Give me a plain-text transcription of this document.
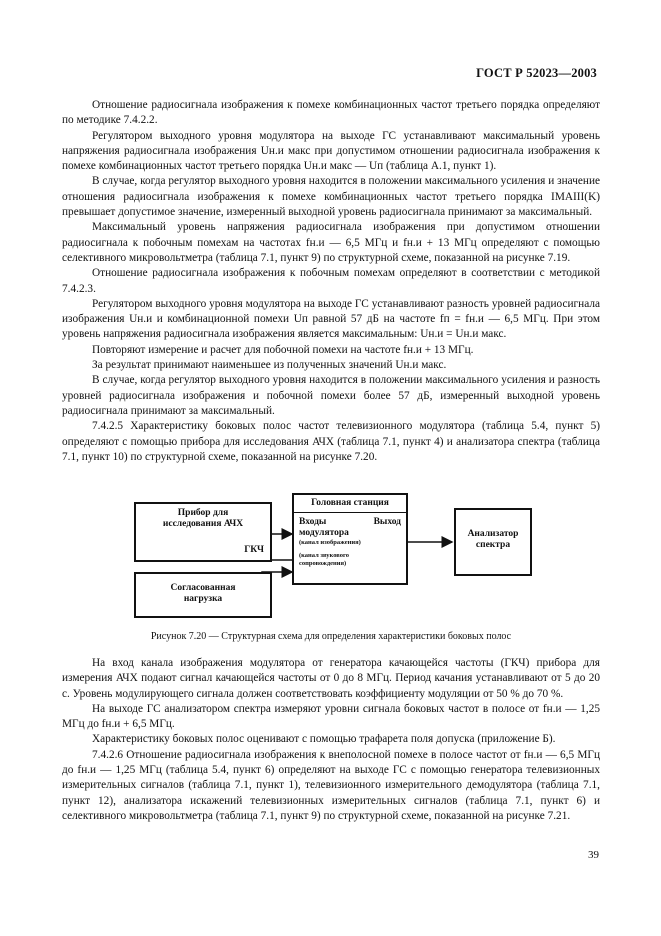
ГОСТ Р 52023—2003

Отношение радиосигнала изображения к помехе комбинационных частот третьего порядка определяют по методике 7.4.2.2.

Регулятором выходного уровня модулятора на выходе ГС устанавливают максимальный уровень напряжения радиосигнала изображения Uн.и макс при допустимом отношении радиосигнала изображения к помехе комбинационных частот третьего порядка Uн.и макс — Uп (таблица А.1, пункт 1).

В случае, когда регулятор выходного уровня находится в положении максимального усиления и значение отношения радиосигнала изображения к помехе комбинационных частот третьего порядка IMAIII(K) превышает допустимое значение, измеренный выходной уровень радиосигнала принимают за максимальный.

Максимальный уровень напряжения радиосигнала изображения при допустимом отношении радиосигнала к побочным помехам на частотах fн.и — 6,5 МГц и fн.и + 13 МГц определяют с помощью селективного микровольтметра (таблица 7.1, пункт 9) по структурной схеме, показанной на рисунке 7.19.

Отношение радиосигнала изображения к побочным помехам определяют в соответствии с методикой 7.4.2.3.

Регулятором выходного уровня модулятора на выходе ГС устанавливают разность уровней радиосигнала изображения Uн.и и комбинационной помехи Uп равной 57 дБ на частоте fп = fн.и — 6,5 МГц. При этом уровень напряжения радиосигнала изображения является максимальным: Uн.и = Uн.и макс.

Повторяют измерение и расчет для побочной помехи на частоте fн.и + 13 МГц.

За результат принимают наименьшее из полученных значений Uн.и макс.

В случае, когда регулятор выходного уровня находится в положении максимального усиления и разность уровней радиосигнала изображения и побочной помехи более 57 дБ, измеренный выходной уровень радиосигнала принимают за максимальный.

7.4.2.5 Характеристику боковых полос частот телевизионного модулятора (таблица 5.4, пункт 5) определяют с помощью прибора для исследования АЧХ (таблица 7.1, пункт 4) и анализатора спектра (таблица 7.1, пункт 10) по структурной схеме, показанной на рисунке 7.20.

Прибор для
исследования АЧХ
ГКЧ
Согласованная
нагрузка
Головная станция
Входы	Выход
модулятора
(канал изображения)
(канал звукового
сопровождения)
Анализатор
спектра
Рисунок 7.20 — Структурная схема для определения характеристики боковых полос

На вход канала изображения модулятора от генератора качающейся частоты (ГКЧ) прибора для измерения АЧХ подают сигнал качающейся частоты от 0 до 8 МГц. Период качания устанавливают от 5 до 20 с. Уровень модулирующего сигнала должен соответствовать коэффициенту модуляции от 50 % до 70 %.

На выходе ГС анализатором спектра измеряют уровни сигнала боковых частот в полосе от fн.и — 1,25 МГц до fн.и + 6,5 МГц.

Характеристику боковых полос оценивают с помощью трафарета поля допуска (приложение Б).

7.4.2.6 Отношение радиосигнала изображения к внеполосной помехе в полосе частот от fн.и — 6,5 МГц до fн.и — 1,25 МГц (таблица 5.4, пункт 6) определяют на выходе ГС с помощью генератора телевизионных измерительных сигналов (таблица 7.1, пункт 1), телевизионного измерительного демодулятора (таблица 7.1, пункт 12), анализатора искажений телевизионных измерительных сигналов (таблица 7.1, пункт 6) и селективного микровольтметра (таблица 7.1, пункт 9) по структурной схеме, показанной на рисунке 7.21.

39
